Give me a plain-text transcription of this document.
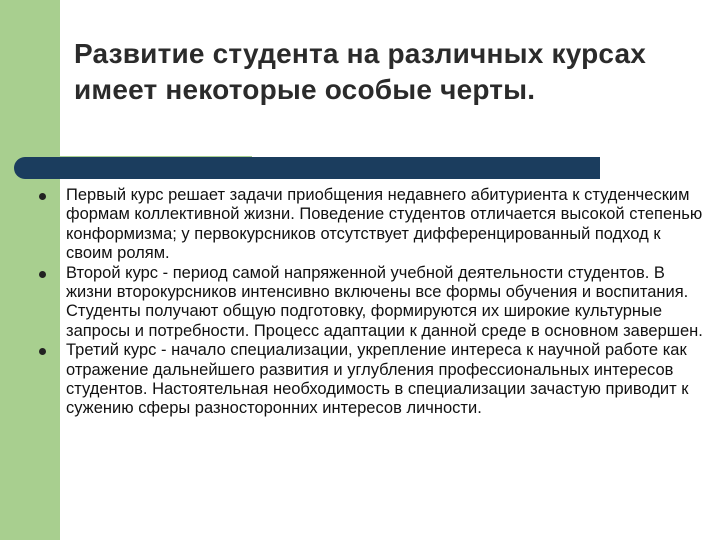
Развитие студента на различных курсах имеет некоторые особые черты.
Первый курс решает задачи приобщения недавнего абитуриента к студенческим формам коллективной жизни. Поведение студентов отличается высокой степенью конформизма; у первокурсников отсутствует дифференцированный подход к своим ролям.
Второй курс - период самой напряженной учебной деятельности студентов. В жизни второкурсников интенсивно включены все формы обучения и воспитания. Студенты получают общую подготовку, формируются их широкие культурные запросы и потребности. Процесс адаптации к данной среде в основном завершен.
Третий курс - начало специализации, укрепление интереса к научной работе как отражение дальнейшего развития и углубления профессиональных интересов студентов. Настоятельная необходимость в специализации зачастую приводит к сужению сферы разносторонних интересов личности.
